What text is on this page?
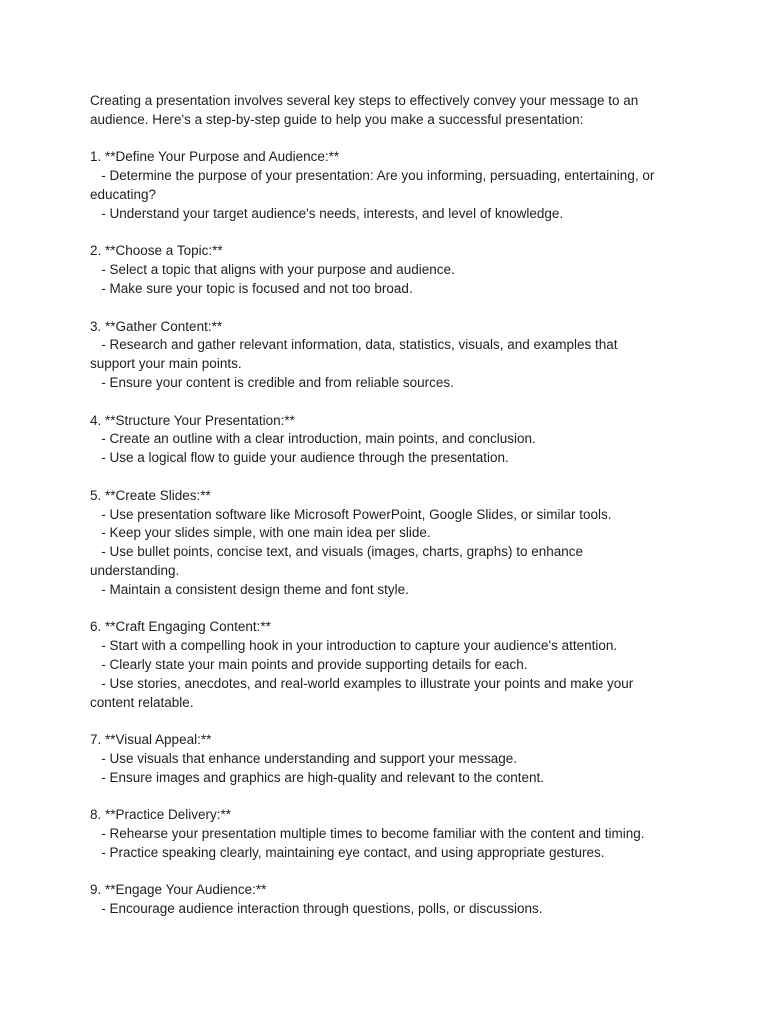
Creating a presentation involves several key steps to effectively convey your message to an
audience. Here's a step-by-step guide to help you make a successful presentation:

1. **Define Your Purpose and Audience:**
- Determine the purpose of your presentation: Are you informing, persuading, entertaining, or
educating?
- Understand your target audience's needs, interests, and level of knowledge.
2. **Choose a Topic:**
- Select a topic that aligns with your purpose and audience.
- Make sure your topic is focused and not too broad.
3. **Gather Content:**
- Research and gather relevant information, data, statistics, visuals, and examples that
support your main points.
- Ensure your content is credible and from reliable sources.
4. **Structure Your Presentation:**
- Create an outline with a clear introduction, main points, and conclusion.
- Use a logical flow to guide your audience through the presentation.
5. **Create Slides:**
- Use presentation software like Microsoft PowerPoint, Google Slides, or similar tools.
- Keep your slides simple, with one main idea per slide.
- Use bullet points, concise text, and visuals (images, charts, graphs) to enhance
understanding.
- Maintain a consistent design theme and font style.
6. **Craft Engaging Content:**
- Start with a compelling hook in your introduction to capture your audience's attention.
- Clearly state your main points and provide supporting details for each.
- Use stories, anecdotes, and real-world examples to illustrate your points and make your
content relatable.
7. **Visual Appeal:**
- Use visuals that enhance understanding and support your message.
- Ensure images and graphics are high-quality and relevant to the content.
8. **Practice Delivery:**
- Rehearse your presentation multiple times to become familiar with the content and timing.
- Practice speaking clearly, maintaining eye contact, and using appropriate gestures.
9. **Engage Your Audience:**
- Encourage audience interaction through questions, polls, or discussions.
